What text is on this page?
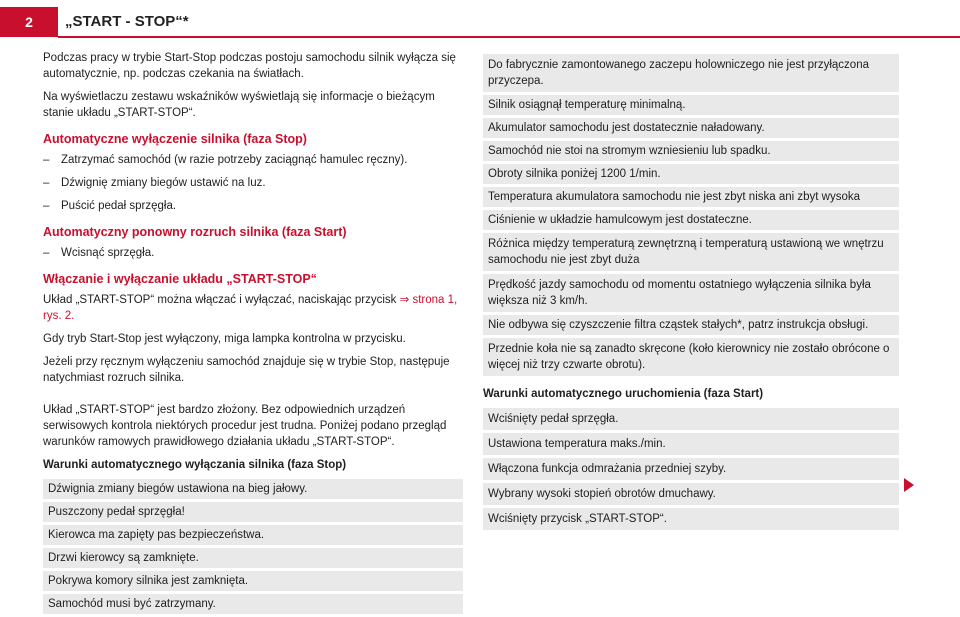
2	„START - STOP“*

Podczas pracy w trybie Start-Stop podczas postoju samochodu silnik wyłącza się automatycznie, np. podczas czekania na światłach.

Na wyświetlaczu zestawu wskaźników wyświetlają się informacje o bieżącym stanie układu „START-STOP“.

Automatyczne wyłączenie silnika (faza Stop)
– Zatrzymać samochód (w razie potrzeby zaciągnąć hamulec ręczny).
– Dźwignię zmiany biegów ustawić na luz.
– Puścić pedał sprzęgła.
Automatyczny ponowny rozruch silnika (faza Start)
– Wcisnąć sprzęgła.
Włączanie i wyłączanie układu „START-STOP“

Układ „START-STOP“ można włączać i wyłączać, naciskając przycisk ⇒ strona 1, rys. 2.

Gdy tryb Start-Stop jest wyłączony, miga lampka kontrolna w przycisku.

Jeżeli przy ręcznym wyłączeniu samochód znajduje się w trybie Stop, następuje natychmiast rozruch silnika.

Układ „START-STOP“ jest bardzo złożony. Bez odpowiednich urządzeń serwisowych kontrola niektórych procedur jest trudna. Poniżej podano przegląd warunków ramowych prawidłowego działania układu „START-STOP“.

Warunki automatycznego wyłączania silnika (faza Stop)
Dźwignia zmiany biegów ustawiona na bieg jałowy.
Puszczony pedał sprzęgła!
Kierowca ma zapięty pas bezpieczeństwa.
Drzwi kierowcy są zamknięte.
Pokrywa komory silnika jest zamknięta.
Samochód musi być zatrzymany.
Do fabrycznie zamontowanego zaczepu holowniczego nie jest przyłączona przyczepa.
Silnik osiągnął temperaturę minimalną.
Akumulator samochodu jest dostatecznie naładowany.
Samochód nie stoi na stromym wzniesieniu lub spadku.
Obroty silnika poniżej 1200 1/min.
Temperatura akumulatora samochodu nie jest zbyt niska ani zbyt wysoka
Ciśnienie w układzie hamulcowym jest dostateczne.
Różnica między temperaturą zewnętrzną i temperaturą ustawioną we wnętrzu samochodu nie jest zbyt duża
Prędkość jazdy samochodu od momentu ostatniego wyłączenia silnika była większa niż 3 km/h.
Nie odbywa się czyszczenie filtra cząstek stałych*, patrz instrukcja obsługi.
Przednie koła nie są zanadto skręcone (koło kierownicy nie zostało obrócone o więcej niż trzy czwarte obrotu).
Warunki automatycznego uruchomienia (faza Start)
Wciśnięty pedał sprzęgła.
Ustawiona temperatura maks./min.
Włączona funkcja odmrażania przedniej szyby.
Wybrany wysoki stopień obrotów dmuchawy.
Wciśnięty przycisk „START-STOP“.
